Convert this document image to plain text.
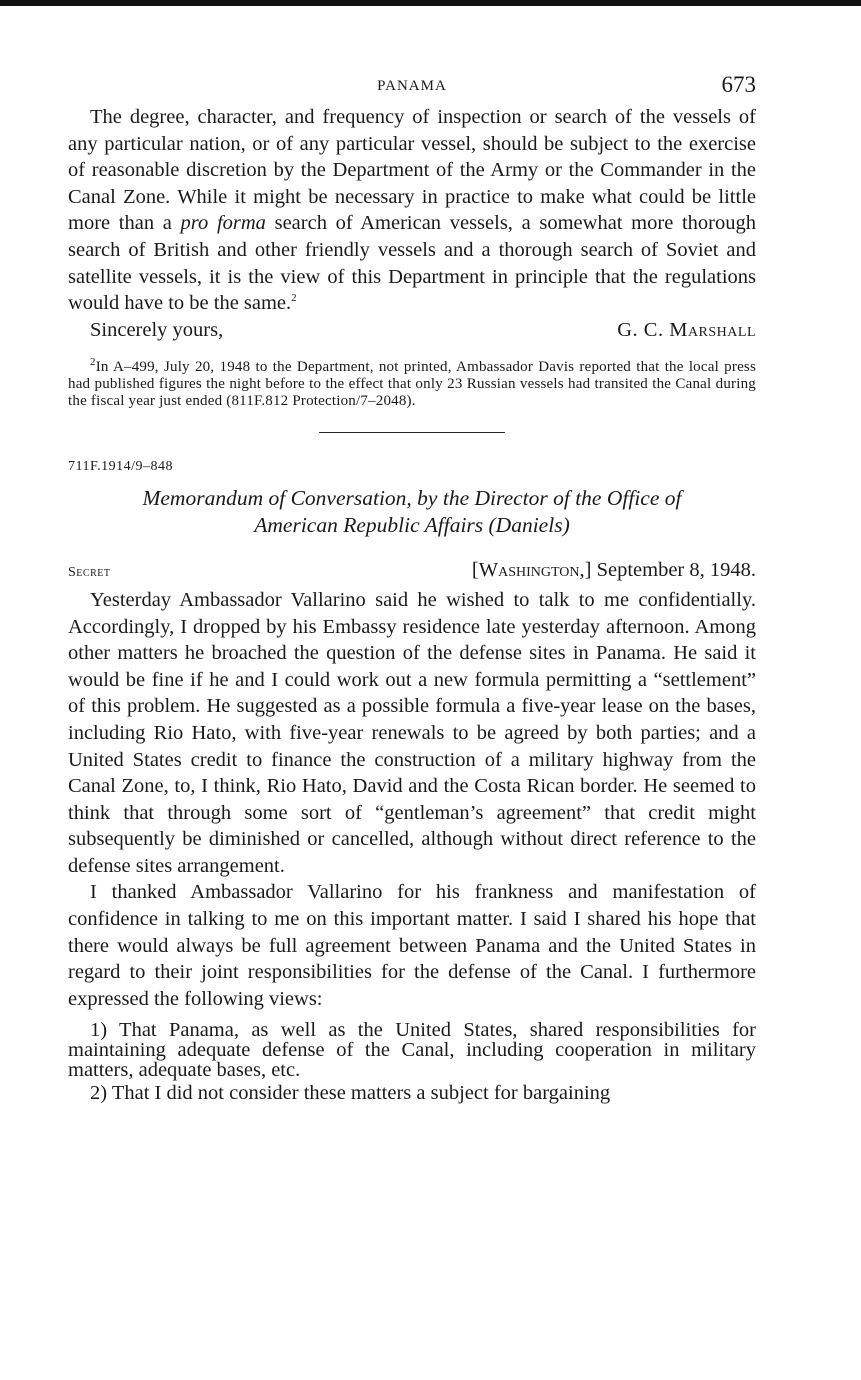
PANAMA	673

The degree, character, and frequency of inspection or search of the vessels of any particular nation, or of any particular vessel, should be subject to the exercise of reasonable discretion by the Department of the Army or the Commander in the Canal Zone. While it might be necessary in practice to make what could be little more than a pro forma search of American vessels, a somewhat more thorough search of British and other friendly vessels and a thorough search of Soviet and satellite vessels, it is the view of this Department in principle that the regulations would have to be the same.$^2$

Sincerely yours,	G. C. Marshall

$^2$In A–499, July 20, 1948 to the Department, not printed, Ambassador Davis reported that the local press had published figures the night before to the effect that only 23 Russian vessels had transited the Canal during the fiscal year just ended (811F.812 Protection/7–2048).

711F.1914/9–848
Memorandum of Conversation, by the Director of the Office of
American Republic Affairs (Daniels)
Secret	[Washington,] September 8, 1948.

Yesterday Ambassador Vallarino said he wished to talk to me confidentially. Accordingly, I dropped by his Embassy residence late yesterday afternoon. Among other matters he broached the question of the defense sites in Panama. He said it would be fine if he and I could work out a new formula permitting a “settlement” of this problem. He suggested as a possible formula a five-year lease on the bases, including Rio Hato, with five-year renewals to be agreed by both parties; and a United States credit to finance the construction of a military highway from the Canal Zone, to, I think, Rio Hato, David and the Costa Rican border. He seemed to think that through some sort of “gentleman’s agreement” that credit might subsequently be diminished or cancelled, although without direct reference to the defense sites arrangement.

I thanked Ambassador Vallarino for his frankness and manifestation of confidence in talking to me on this important matter. I said I shared his hope that there would always be full agreement between Panama and the United States in regard to their joint responsibilities for the defense of the Canal. I furthermore expressed the following views:

1) That Panama, as well as the United States, shared responsibilities for maintaining adequate defense of the Canal, including cooperation in military matters, adequate bases, etc.

2) That I did not consider these matters a subject for bargaining
